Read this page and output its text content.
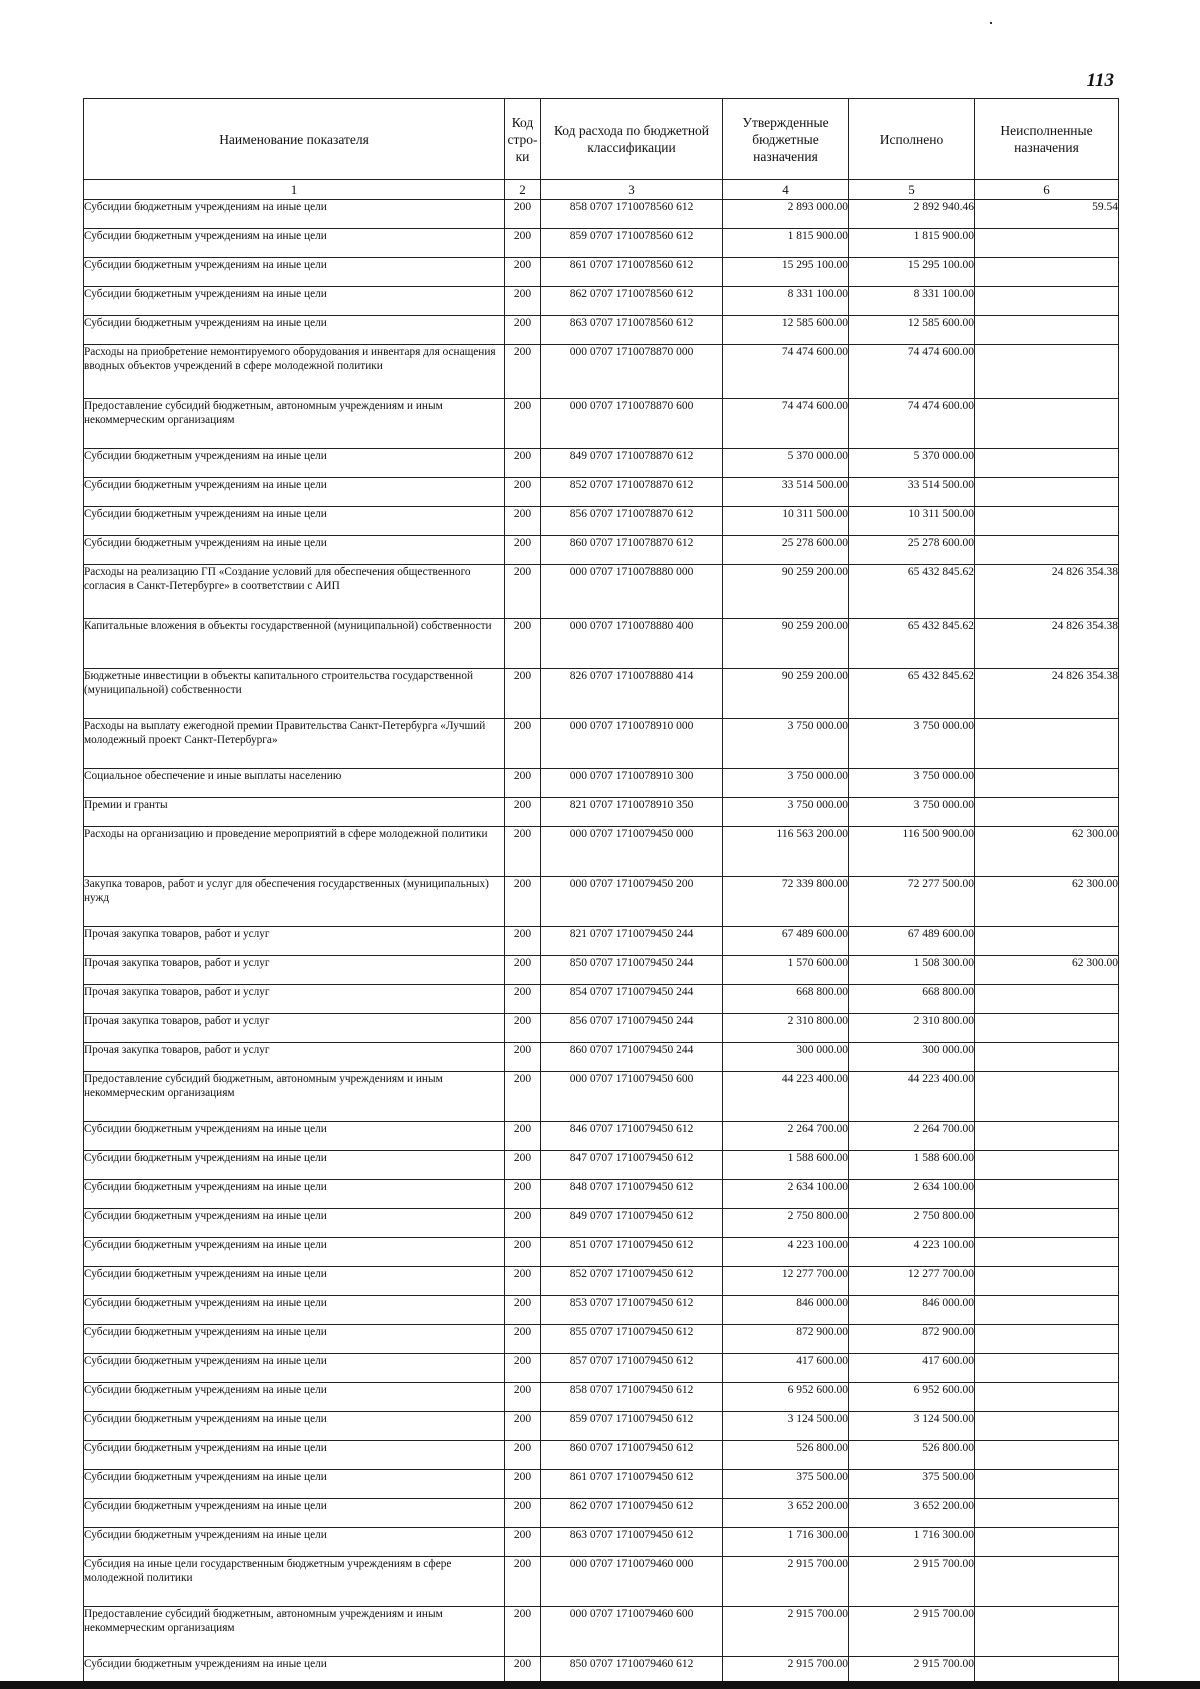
113
Наименование показателя	Код стро-ки	Код расхода по бюджетной классификации	Утвержденные бюджетные назначения	Исполнено	Неисполненные назначения
1	2	3	4	5	6
Субсидии бюджетным учреждениям на иные цели	200	858 0707 1710078560 612	2 893 000.00	2 892 940.46	59.54
Субсидии бюджетным учреждениям на иные цели	200	859 0707 1710078560 612	1 815 900.00	1 815 900.00	
Субсидии бюджетным учреждениям на иные цели	200	861 0707 1710078560 612	15 295 100.00	15 295 100.00	
Субсидии бюджетным учреждениям на иные цели	200	862 0707 1710078560 612	8 331 100.00	8 331 100.00	
Субсидии бюджетным учреждениям на иные цели	200	863 0707 1710078560 612	12 585 600.00	12 585 600.00	
Расходы на приобретение немонтируемого оборудования и инвентаря для оснащения вводных объектов учреждений в сфере молодежной политики	200	000 0707 1710078870 000	74 474 600.00	74 474 600.00	
Предоставление субсидий бюджетным, автономным учреждениям и иным некоммерческим организациям	200	000 0707 1710078870 600	74 474 600.00	74 474 600.00	
Субсидии бюджетным учреждениям на иные цели	200	849 0707 1710078870 612	5 370 000.00	5 370 000.00	
Субсидии бюджетным учреждениям на иные цели	200	852 0707 1710078870 612	33 514 500.00	33 514 500.00	
Субсидии бюджетным учреждениям на иные цели	200	856 0707 1710078870 612	10 311 500.00	10 311 500.00	
Субсидии бюджетным учреждениям на иные цели	200	860 0707 1710078870 612	25 278 600.00	25 278 600.00	
Расходы на реализацию ГП «Создание условий для обеспечения общественного согласия в Санкт-Петербурге» в соответствии с АИП	200	000 0707 1710078880 000	90 259 200.00	65 432 845.62	24 826 354.38
Капитальные вложения в объекты государственной (муниципальной) собственности	200	000 0707 1710078880 400	90 259 200.00	65 432 845.62	24 826 354.38
Бюджетные инвестиции в объекты капитального строительства государственной (муниципальной) собственности	200	826 0707 1710078880 414	90 259 200.00	65 432 845.62	24 826 354.38
Расходы на выплату ежегодной премии Правительства Санкт-Петербурга «Лучший молодежный проект Санкт-Петербурга»	200	000 0707 1710078910 000	3 750 000.00	3 750 000.00	
Социальное обеспечение и иные выплаты населению	200	000 0707 1710078910 300	3 750 000.00	3 750 000.00	
Премии и гранты	200	821 0707 1710078910 350	3 750 000.00	3 750 000.00	
Расходы на организацию и проведение мероприятий в сфере молодежной политики	200	000 0707 1710079450 000	116 563 200.00	116 500 900.00	62 300.00
Закупка товаров, работ и услуг для обеспечения государственных (муниципальных) нужд	200	000 0707 1710079450 200	72 339 800.00	72 277 500.00	62 300.00
Прочая закупка товаров, работ и услуг	200	821 0707 1710079450 244	67 489 600.00	67 489 600.00	
Прочая закупка товаров, работ и услуг	200	850 0707 1710079450 244	1 570 600.00	1 508 300.00	62 300.00
Прочая закупка товаров, работ и услуг	200	854 0707 1710079450 244	668 800.00	668 800.00	
Прочая закупка товаров, работ и услуг	200	856 0707 1710079450 244	2 310 800.00	2 310 800.00	
Прочая закупка товаров, работ и услуг	200	860 0707 1710079450 244	300 000.00	300 000.00	
Предоставление субсидий бюджетным, автономным учреждениям и иным некоммерческим организациям	200	000 0707 1710079450 600	44 223 400.00	44 223 400.00	
Субсидии бюджетным учреждениям на иные цели	200	846 0707 1710079450 612	2 264 700.00	2 264 700.00	
Субсидии бюджетным учреждениям на иные цели	200	847 0707 1710079450 612	1 588 600.00	1 588 600.00	
Субсидии бюджетным учреждениям на иные цели	200	848 0707 1710079450 612	2 634 100.00	2 634 100.00	
Субсидии бюджетным учреждениям на иные цели	200	849 0707 1710079450 612	2 750 800.00	2 750 800.00	
Субсидии бюджетным учреждениям на иные цели	200	851 0707 1710079450 612	4 223 100.00	4 223 100.00	
Субсидии бюджетным учреждениям на иные цели	200	852 0707 1710079450 612	12 277 700.00	12 277 700.00	
Субсидии бюджетным учреждениям на иные цели	200	853 0707 1710079450 612	846 000.00	846 000.00	
Субсидии бюджетным учреждениям на иные цели	200	855 0707 1710079450 612	872 900.00	872 900.00	
Субсидии бюджетным учреждениям на иные цели	200	857 0707 1710079450 612	417 600.00	417 600.00	
Субсидии бюджетным учреждениям на иные цели	200	858 0707 1710079450 612	6 952 600.00	6 952 600.00	
Субсидии бюджетным учреждениям на иные цели	200	859 0707 1710079450 612	3 124 500.00	3 124 500.00	
Субсидии бюджетным учреждениям на иные цели	200	860 0707 1710079450 612	526 800.00	526 800.00	
Субсидии бюджетным учреждениям на иные цели	200	861 0707 1710079450 612	375 500.00	375 500.00	
Субсидии бюджетным учреждениям на иные цели	200	862 0707 1710079450 612	3 652 200.00	3 652 200.00	
Субсидии бюджетным учреждениям на иные цели	200	863 0707 1710079450 612	1 716 300.00	1 716 300.00	
Субсидия на иные цели государственным бюджетным учреждениям в сфере молодежной политики	200	000 0707 1710079460 000	2 915 700.00	2 915 700.00	
Предоставление субсидий бюджетным, автономным учреждениям и иным некоммерческим организациям	200	000 0707 1710079460 600	2 915 700.00	2 915 700.00	
Субсидии бюджетным учреждениям на иные цели	200	850 0707 1710079460 612	2 915 700.00	2 915 700.00	
